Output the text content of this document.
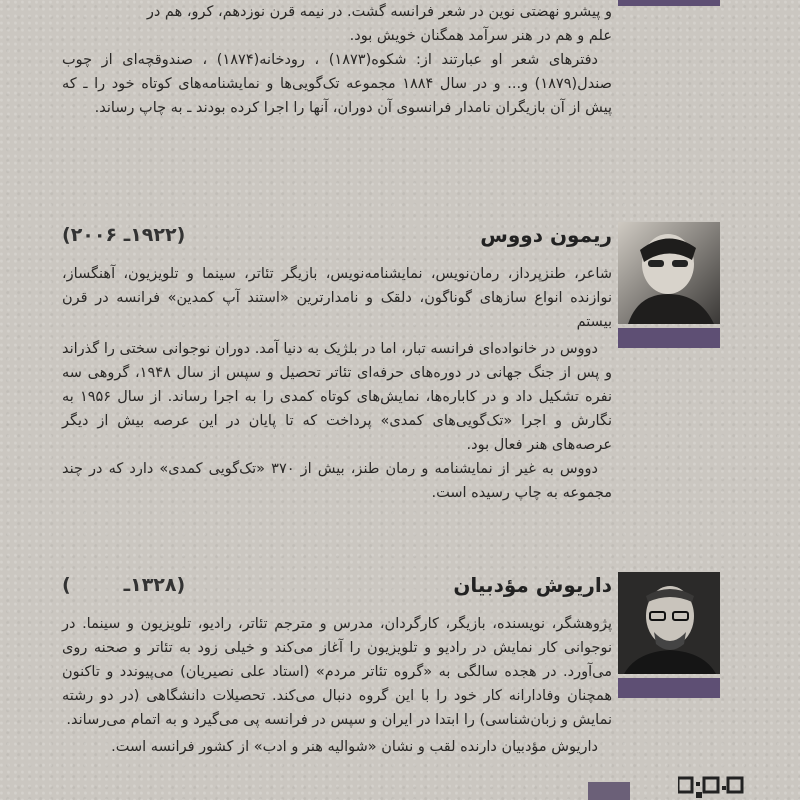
و پیشرو نهضتی نوین در شعر فرانسه گشت. در نیمه قرن نوزدهم، کرو، هم در

علم و هم در هنر سرآمد همگنان خویش بود.

دفترهای شعر او عبارتند از: شکوه(۱۸۷۳) ، رودخانه(۱۸۷۴) ، صندوقچه‌ای از چوب صندل(۱۸۷۹) و... و در سال ۱۸۸۴ مجموعه تک‌گویی‌ها و نمایشنامه‌های کوتاه خود را ـ که پیش از آن بازیگران نامدار فرانسوی آن دوران، آنها را اجرا کرده بودند ـ به چاپ رساند.

ریمون دووس
(۱۹۲۲ـ ۲۰۰۶)

شاعر، طنزپرداز، رمان‌نویس، نمایشنامه‌نویس، بازیگر تئاتر، سینما و تلویزیون، آهنگساز، نوازنده انواع سازهای گوناگون، دلقک و نامدارترین «استند آپ کمدین» فرانسه در قرن بیستم

دووس در خانواده‌ای فرانسه تبار، اما در بلژیک به دنیا آمد. دوران نوجوانی سختی را گذراند و پس از جنگ جهانی در دوره‌های حرفه‌ای تئاتر تحصیل و سپس از سال ۱۹۴۸، گروهی سه نفره تشکیل داد و در کاباره‌ها، نمایش‌های کوتاه کمدی را به اجرا رساند. از سال ۱۹۵۶ به نگارش و اجرا «تک‌گویی‌های کمدی» پرداخت که تا پایان در این عرصه بیش از دیگر عرصه‌های هنر فعال بود.

دووس به غیر از نمایشنامه و رمان طنز، بیش از ۳۷۰ «تک‌گویی کمدی» دارد که در چند مجموعه به چاپ رسیده است.

داریوش مؤدبیان
(۱۳۲۸ـ        )

پژوهشگر، نویسنده، بازیگر، کارگردان، مدرس و مترجم تئاتر، رادیو، تلویزیون و سینما. در نوجوانی کار نمایش در رادیو و تلویزیون را آغاز می‌کند و خیلی زود به تئاتر و صحنه روی می‌آورد. در هجده سالگی به «گروه تئاتر مردم» (استاد علی نصیریان) می‌پیوندد و تاکنون همچنان وفادارانه کار خود را با این گروه دنبال می‌کند. تحصیلات دانشگاهی (در دو رشته نمایش و زبان‌شناسی) را ابتدا در ایران و سپس در فرانسه پی می‌گیرد و به اتمام می‌رساند.

داریوش مؤدبیان دارنده لقب و نشان «شوالیه هنر و ادب» از کشور فرانسه است.
